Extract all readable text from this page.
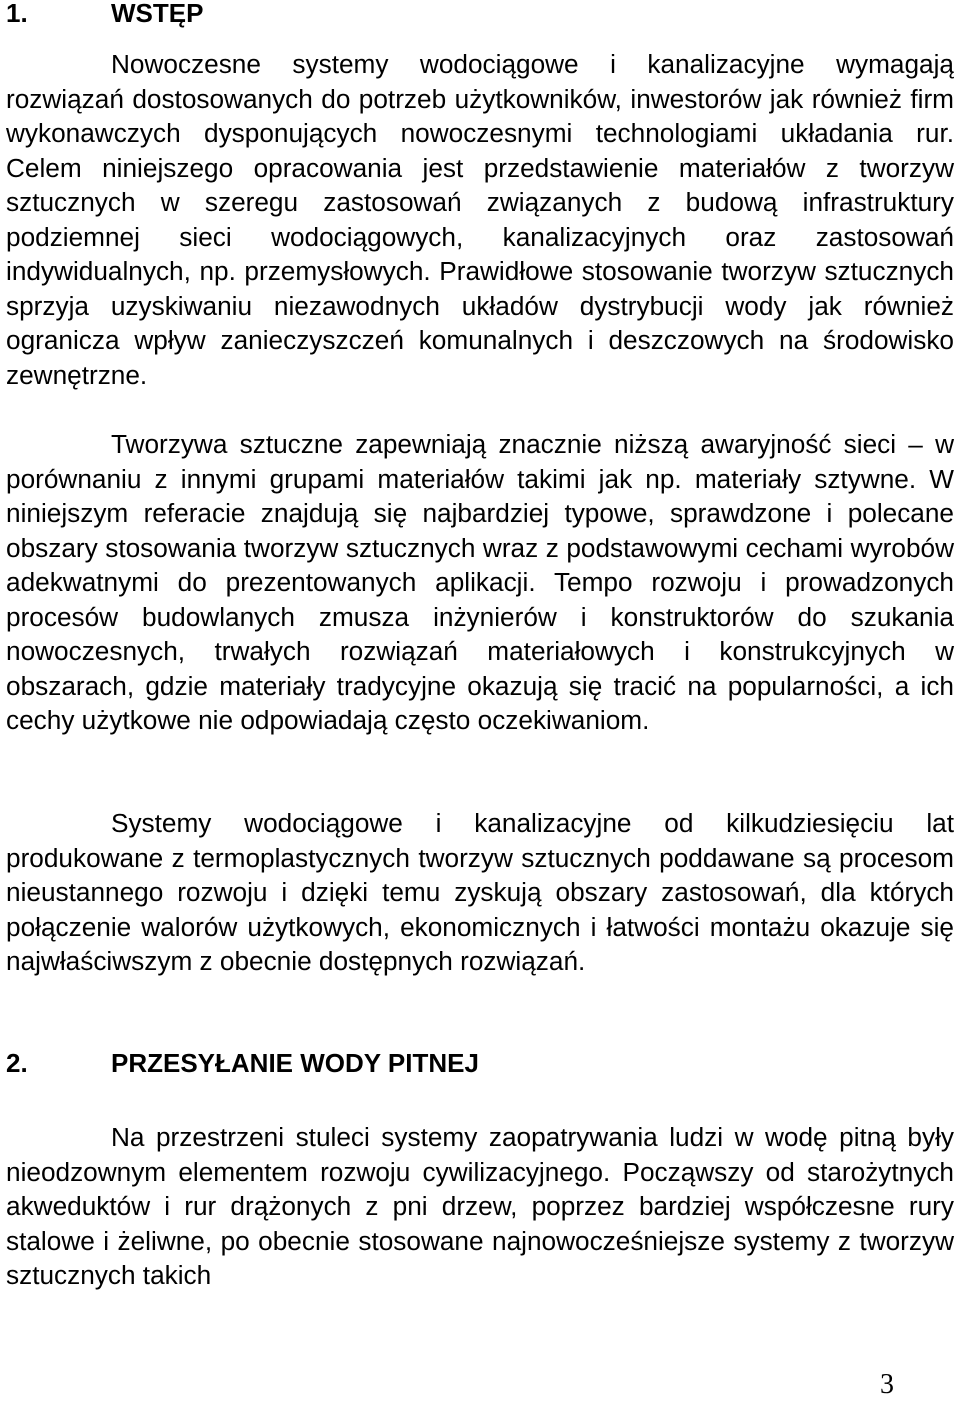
1.	WSTĘP

Nowoczesne systemy wodociągowe i kanalizacyjne wymagają rozwiązań dostosowanych do potrzeb użytkowników, inwestorów jak również firm wykonawczych dysponujących nowoczesnymi technologiami układania rur. Celem niniejszego opracowania jest przedstawienie materiałów z tworzyw sztucznych w szeregu zastosowań związanych z budową infrastruktury podziemnej sieci wodociągowych, kanalizacyjnych oraz zastosowań indywidualnych, np. przemysłowych. Prawidłowe stosowanie tworzyw sztucznych sprzyja uzyskiwaniu niezawodnych układów dystrybucji wody jak również ogranicza wpływ zanieczyszczeń komunalnych i deszczowych na środowisko zewnętrzne.

Tworzywa sztuczne zapewniają znacznie niższą awaryjność sieci – w porównaniu z innymi grupami materiałów takimi jak np. materiały sztywne. W niniejszym referacie znajdują się najbardziej typowe, sprawdzone i polecane obszary stosowania tworzyw sztucznych wraz z podstawowymi cechami wyrobów adekwatnymi do prezentowanych aplikacji. Tempo rozwoju i prowadzonych procesów budowlanych zmusza inżynierów i konstruktorów do szukania nowoczesnych, trwałych rozwiązań materiałowych i konstrukcyjnych w obszarach, gdzie materiały tradycyjne okazują się tracić na popularności, a ich cechy użytkowe nie odpowiadają często oczekiwaniom.

Systemy wodociągowe i kanalizacyjne od kilkudziesięciu lat produkowane z termoplastycznych tworzyw sztucznych poddawane są procesom nieustannego rozwoju i dzięki temu zyskują obszary zastosowań, dla których połączenie walorów użytkowych, ekonomicznych i łatwości montażu okazuje się najwłaściwszym z obecnie dostępnych rozwiązań.

2.	PRZESYŁANIE WODY PITNEJ

Na przestrzeni stuleci systemy zaopatrywania ludzi w wodę pitną były nieodzownym elementem rozwoju cywilizacyjnego. Począwszy od starożytnych akweduktów i rur drążonych z pni drzew, poprzez bardziej współczesne rury stalowe i żeliwne, po obecnie stosowane najnowocześniejsze systemy z tworzyw sztucznych takich

3
